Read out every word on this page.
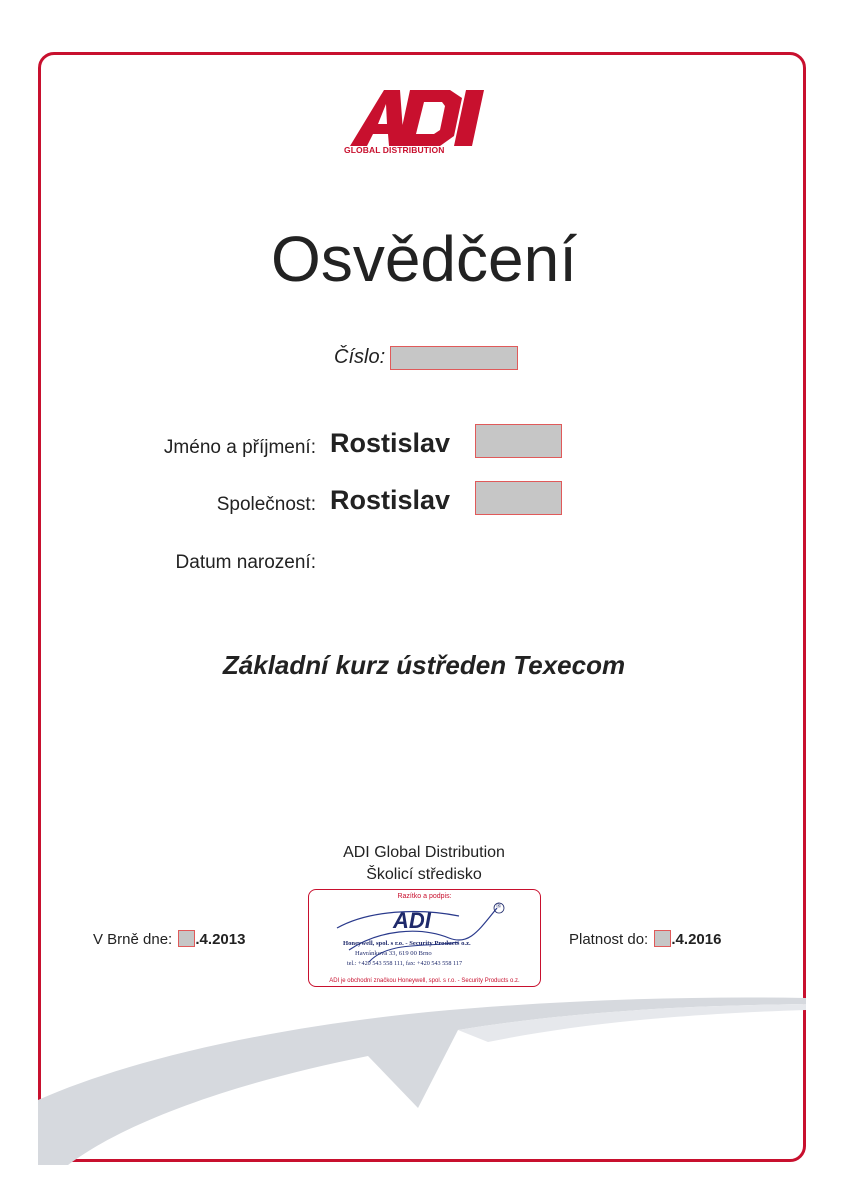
GLOBAL DISTRIBUTION
Osvědčení
Číslo:
Jméno a příjmení: Rostislav
Společnost: Rostislav
Datum narození:
Základní kurz ústředen Texecom
ADI Global Distribution
Školicí středisko
V Brně dne: .4.2013	Platnost do: .4.2016
Razítko a podpis:
ADI
®
Honeywell, spol. s r.o. - Security Products o.z.
Havránkova 33, 619 00 Brno
tel.: +420 543 558 111, fax: +420 543 558 117
ADI je obchodní značkou Honeywell, spol. s r.o. - Security Products o.z.
